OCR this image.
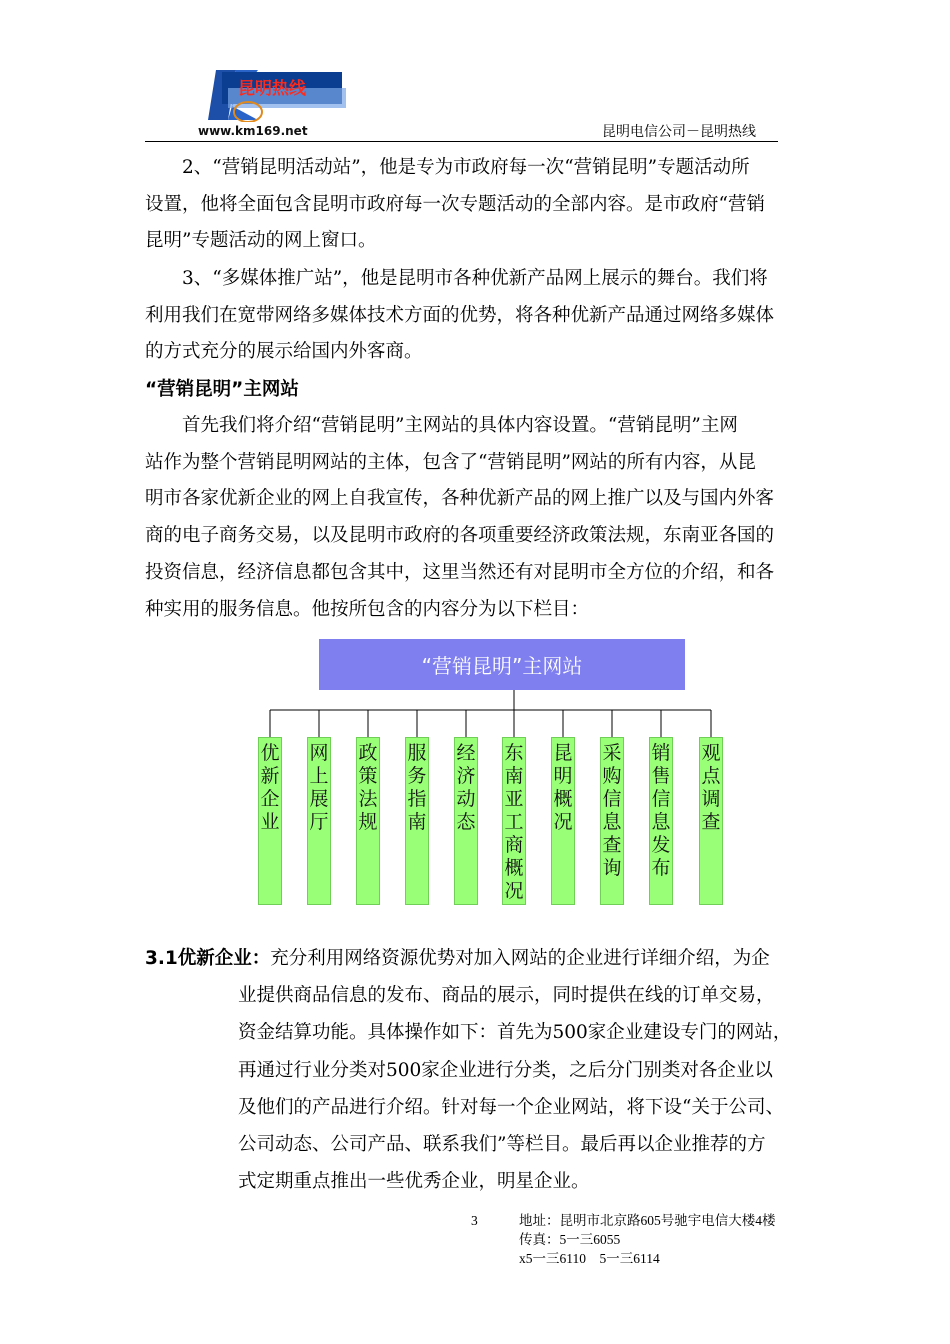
昆明热线
www.km169.net	昆明电信公司－昆明热线
2、“营销昆明活动站”，他是专为市政府每一次“营销昆明”专题活动所
设置，他将全面包含昆明市政府每一次专题活动的全部内容。是市政府“营销
昆明”专题活动的网上窗口。
3、“多媒体推广站”，他是昆明市各种优新产品网上展示的舞台。我们将
利用我们在宽带网络多媒体技术方面的优势，将各种优新产品通过网络多媒体
的方式充分的展示给国内外客商。
“营销昆明”主网站
首先我们将介绍“营销昆明”主网站的具体内容设置。“营销昆明”主网
站作为整个营销昆明网站的主体，包含了“营销昆明”网站的所有内容，从昆
明市各家优新企业的网上自我宣传，各种优新产品的网上推广以及与国内外客
商的电子商务交易，以及昆明市政府的各项重要经济政策法规，东南亚各国的
投资信息，经济信息都包含其中，这里当然还有对昆明市全方位的介绍，和各
种实用的服务信息。他按所包含的内容分为以下栏目：
“营销昆明”主网站
优
新
企
业
网
上
展
厅
政
策
法
规
服
务
指
南
经
济
动
态
东
南
亚
工
商
概
况
昆
明
概
况
采
购
信
息
查
询
销
售
信
息
发
布
观
点
调
查
3.1优新企业：充分利用网络资源优势对加入网站的企业进行详细介绍，为企
业提供商品信息的发布、商品的展示，同时提供在线的订单交易，
资金结算功能。具体操作如下：首先为500家企业建设专门的网站，
再通过行业分类对500家企业进行分类，之后分门别类对各企业以
及他们的产品进行介绍。针对每一个企业网站，将下设“关于公司、
公司动态、公司产品、联系我们”等栏目。最后再以企业推荐的方
式定期重点推出一些优秀企业，明星企业。
3	地址：昆明市北京路605号驰宇电信大楼4楼
传真：5一三6055
x5一三6110　5一三6114
